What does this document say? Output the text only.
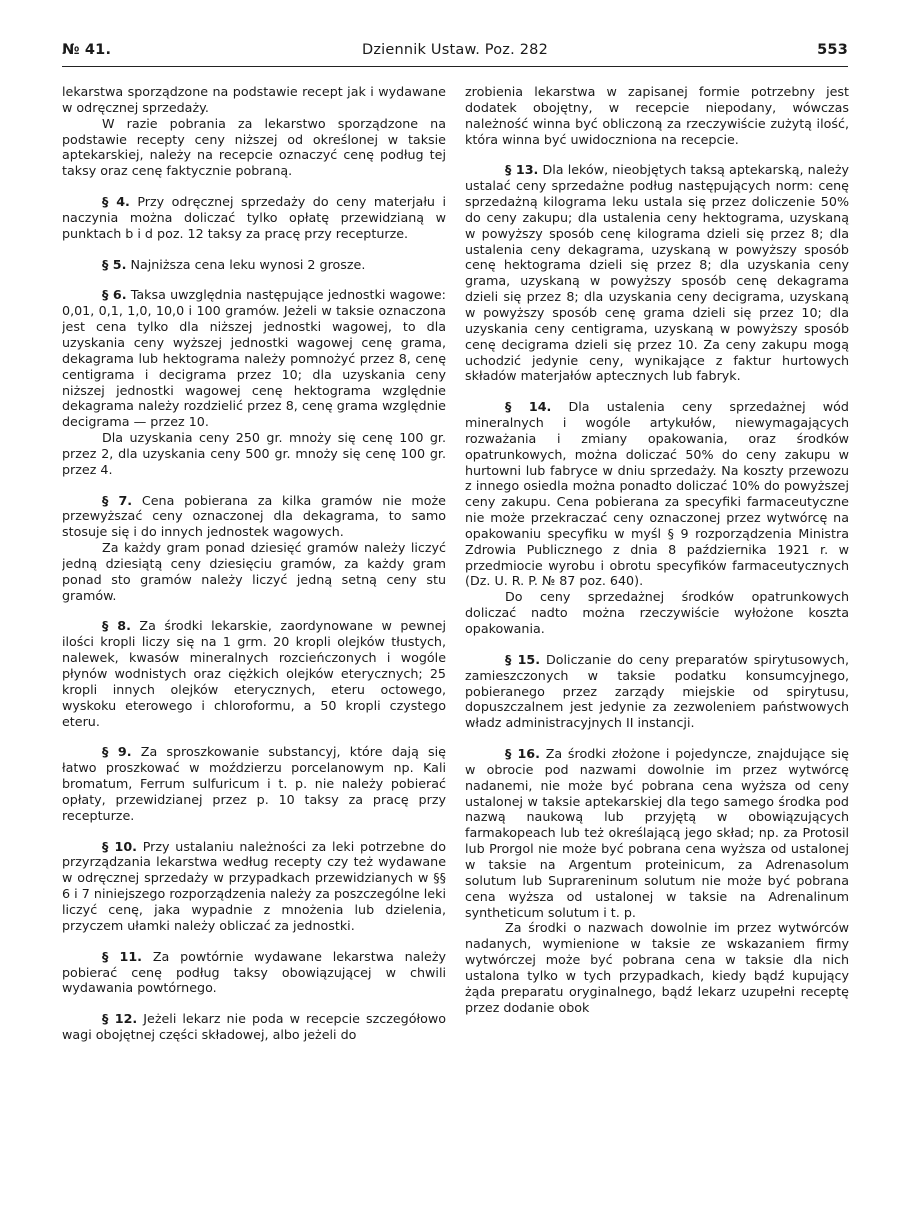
№ 41.	Dziennik Ustaw. Poz. 282	553

lekarstwa sporządzone na podstawie recept jak i wydawane w odręcznej sprzedaży.

W razie pobrania za lekarstwo sporządzone na podstawie recepty ceny niższej od określonej w taksie aptekarskiej, należy na recepcie oznaczyć cenę podług tej taksy oraz cenę faktycznie pobraną.

§ 4. Przy odręcznej sprzedaży do ceny materjału i naczynia można doliczać tylko opłatę przewidzianą w punktach b i d poz. 12 taksy za pracę przy recepturze.

§ 5. Najniższa cena leku wynosi 2 grosze.

§ 6. Taksa uwzględnia następujące jednostki wagowe: 0,01, 0,1, 1,0, 10,0 i 100 gramów. Jeżeli w taksie oznaczona jest cena tylko dla niższej jednostki wagowej, to dla uzyskania ceny wyższej jednostki wagowej cenę grama, dekagrama lub hektograma należy pomnożyć przez 8, cenę centigrama i decigrama przez 10; dla uzyskania ceny niższej jednostki wagowej cenę hektograma względnie dekagrama należy rozdzielić przez 8, cenę grama względnie decigrama — przez 10.

Dla uzyskania ceny 250 gr. mnoży się cenę 100 gr. przez 2, dla uzyskania ceny 500 gr. mnoży się cenę 100 gr. przez 4.

§ 7. Cena pobierana za kilka gramów nie może przewyższać ceny oznaczonej dla dekagrama, to samo stosuje się i do innych jednostek wagowych.

Za każdy gram ponad dziesięć gramów należy liczyć jedną dziesiątą ceny dziesięciu gramów, za każdy gram ponad sto gramów należy liczyć jedną setną ceny stu gramów.

§ 8. Za środki lekarskie, zaordynowane w pewnej ilości kropli liczy się na 1 grm. 20 kropli olejków tłustych, nalewek, kwasów mineralnych rozcieńczonych i wogóle płynów wodnistych oraz ciężkich olejków eterycznych; 25 kropli innych olejków eterycznych, eteru octowego, wyskoku eterowego i chloroformu, a 50 kropli czystego eteru.

§ 9. Za sproszkowanie substancyj, które dają się łatwo proszkować w moździerzu porcelanowym np. Kali bromatum, Ferrum sulfuricum i t. p. nie należy pobierać opłaty, przewidzianej przez p. 10 taksy za pracę przy recepturze.

§ 10. Przy ustalaniu należności za leki potrzebne do przyrządzania lekarstwa według recepty czy też wydawane w odręcznej sprzedaży w przypadkach przewidzianych w §§ 6 i 7 niniejszego rozporządzenia należy za poszczególne leki liczyć cenę, jaka wypadnie z mnożenia lub dzielenia, przyczem ułamki należy obliczać za jednostki.

§ 11. Za powtórnie wydawane lekarstwa należy pobierać cenę podług taksy obowiązującej w chwili wydawania powtórnego.

§ 12. Jeżeli lekarz nie poda w recepcie szczegółowo wagi obojętnej części składowej, albo jeżeli do

zrobienia lekarstwa w zapisanej formie potrzebny jest dodatek obojętny, w recepcie niepodany, wówczas należność winna być obliczoną za rzeczywiście zużytą ilość, która winna być uwidoczniona na recepcie.

§ 13. Dla leków, nieobjętych taksą aptekarską, należy ustalać ceny sprzedażne podług następujących norm: cenę sprzedażną kilograma leku ustala się przez doliczenie 50% do ceny zakupu; dla ustalenia ceny hektograma, uzyskaną w powyższy sposób cenę kilograma dzieli się przez 8; dla ustalenia ceny dekagrama, uzyskaną w powyższy sposób cenę hektograma dzieli się przez 8; dla uzyskania ceny grama, uzyskaną w powyższy sposób cenę dekagrama dzieli się przez 8; dla uzyskania ceny decigrama, uzyskaną w powyższy sposób cenę grama dzieli się przez 10; dla uzyskania ceny centigrama, uzyskaną w powyższy sposób cenę decigrama dzieli się przez 10. Za ceny zakupu mogą uchodzić jedynie ceny, wynikające z faktur hurtowych składów materjałów aptecznych lub fabryk.

§ 14. Dla ustalenia ceny sprzedażnej wód mineralnych i wogóle artykułów, niewymagających rozważania i zmiany opakowania, oraz środków opatrunkowych, można doliczać 50% do ceny zakupu w hurtowni lub fabryce w dniu sprzedaży. Na koszty przewozu z innego osiedla można ponadto doliczać 10% do powyższej ceny zakupu. Cena pobierana za specyfiki farmaceutyczne nie może przekraczać ceny oznaczonej przez wytwórcę na opakowaniu specyfiku w myśl § 9 rozporządzenia Ministra Zdrowia Publicznego z dnia 8 października 1921 r. w przedmiocie wyrobu i obrotu specyfików farmaceutycznych (Dz. U. R. P. № 87 poz. 640).

Do ceny sprzedażnej środków opatrunkowych doliczać nadto można rzeczywiście wyłożone koszta opakowania.

§ 15. Doliczanie do ceny preparatów spirytusowych, zamieszczonych w taksie podatku konsumcyjnego, pobieranego przez zarządy miejskie od spirytusu, dopuszczalnem jest jedynie za zezwoleniem państwowych władz administracyjnych II instancji.

§ 16. Za środki złożone i pojedyncze, znajdujące się w obrocie pod nazwami dowolnie im przez wytwórcę nadanemi, nie może być pobrana cena wyższa od ceny ustalonej w taksie aptekarskiej dla tego samego środka pod nazwą naukową lub przyjętą w obowiązujących farmakopeach lub też określającą jego skład; np. za Protosil lub Prorgol nie może być pobrana cena wyższa od ustalonej w taksie na Argentum proteinicum, za Adrenasolum solutum lub Suprareninum solutum nie może być pobrana cena wyższa od ustalonej w taksie na Adrenalinum syntheticum solutum i t. p.

Za środki o nazwach dowolnie im przez wytwórców nadanych, wymienione w taksie ze wskazaniem firmy wytwórczej może być pobrana cena w taksie dla nich ustalona tylko w tych przypadkach, kiedy bądź kupujący żąda preparatu oryginalnego, bądź lekarz uzupełni receptę przez dodanie obok
